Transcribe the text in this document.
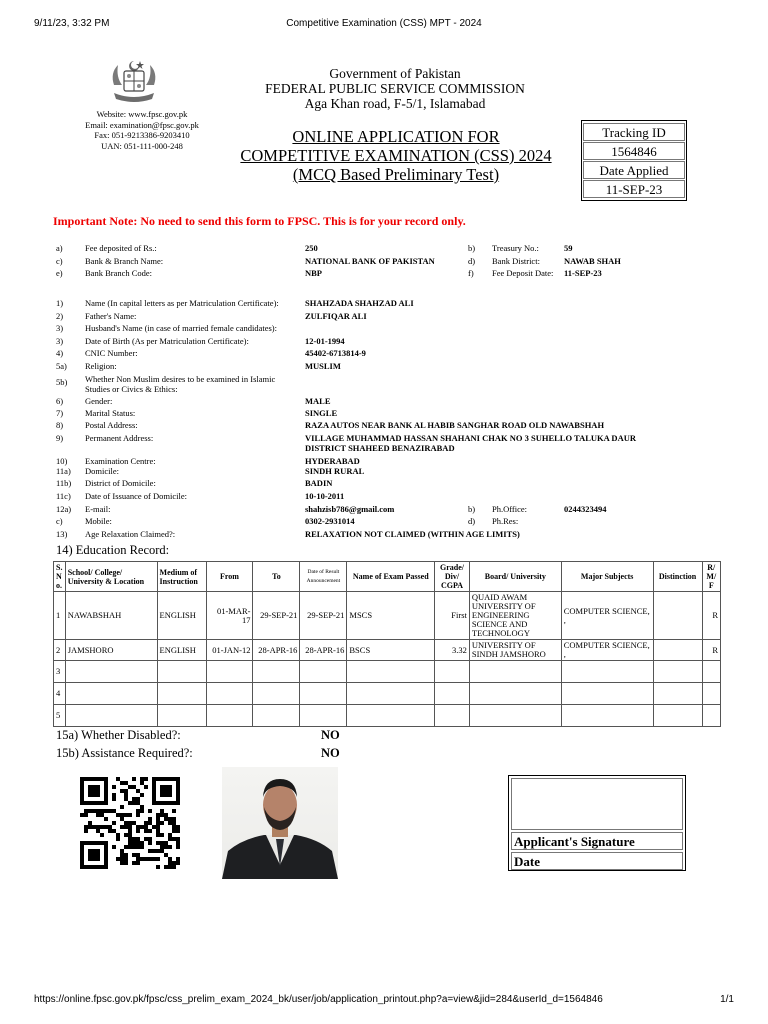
9/11/23, 3:32 PM	Competitive Examination (CSS) MPT - 2024
https://online.fpsc.gov.pk/fpsc/css_prelim_exam_2024_bk/user/job/application_printout.php?a=view&jid=284&userId_d=1564846	1/1
Government of Pakistan
FEDERAL PUBLIC SERVICE COMMISSION
Aga Khan road, F-5/1, Islamabad
Website: www.fpsc.gov.pk
Email: examination@fpsc.gov.pk
Fax: 051-9213386-9203410
UAN: 051-111-000-248	ONLINE APPLICATION FOR
COMPETITIVE EXAMINATION (CSS) 2024
(MCQ Based Preliminary Test)
Tracking ID
1564846
Date Applied
11-SEP-23
Important Note: No need to send this form to FPSC. This is for your record only.
a)	Fee deposited of Rs.:	250	b) Treasury No.:	59
c)	Bank & Branch Name:	NATIONAL BANK OF PAKISTAN	d) Bank District:	NAWAB SHAH
e)	Bank Branch Code:	NBP	f) Fee Deposit Date: 11-SEP-23
1)	Name (In capital letters as per Matriculation Certificate):	SHAHZADA SHAHZAD ALI
2)	Father's Name:	ZULFIQAR ALI
3)	Husband's Name (in case of married female candidates):
3)	Date of Birth (As per Matriculation Certificate):	12-01-1994
4)	CNIC Number:	45402-6713814-9
5a) Religion:	MUSLIM
5b) Whether Non Muslim desires to be examined in Islamic Studies or Civics & Ethics:
6)	Gender:	MALE
7)	Marital Status:	SINGLE
8)	Postal Address:	RAZA AUTOS NEAR BANK AL HABIB SANGHAR ROAD OLD NAWABSHAH
9)	Permanent Address:	VILLAGE MUHAMMAD HASSAN SHAHANI CHAK NO 3 SUHELLO TALUKA DAUR DISTRICT SHAHEED BENAZIRABAD
10) Examination Centre:	HYDERABAD
11a) Domicile:	SINDH RURAL
11b) District of Domicile:	BADIN
11c) Date of Issuance of Domicile:	10-10-2011
12a) E-mail:	shahzisb786@gmail.com	b) Ph.Office:	0244323494
c)	Mobile:	0302-2931014	d) Ph.Res:
13) Age Relaxation Claimed?:	RELAXATION NOT CLAIMED (WITHIN AGE LIMITS)
14) Education Record:
S. N o.	School/ College/ University & Location	Medium of Instruction	From	To	Date of Result Announcement	Name of Exam Passed	Grade/ Div/ CGPA	Board/ University	Major Subjects	Distinction	R/ M/ F
1	NAWABSHAH	ENGLISH	01-MAR-17	29-SEP-21	29-SEP-21	MSCS	First	QUAID AWAM UNIVERSITY OF ENGINEERING SCIENCE AND TECHNOLOGY	COMPUTER SCIENCE, ,		R
2	JAMSHORO	ENGLISH	01-JAN-12	28-APR-16	28-APR-16	BSCS	3.32	UNIVERSITY OF SINDH JAMSHORO	COMPUTER SCIENCE, ,		R
3											
4											
5											
15a) Whether Disabled?:	NO
15b) Assistance Required?:	NO
Applicant's Signature
Date
